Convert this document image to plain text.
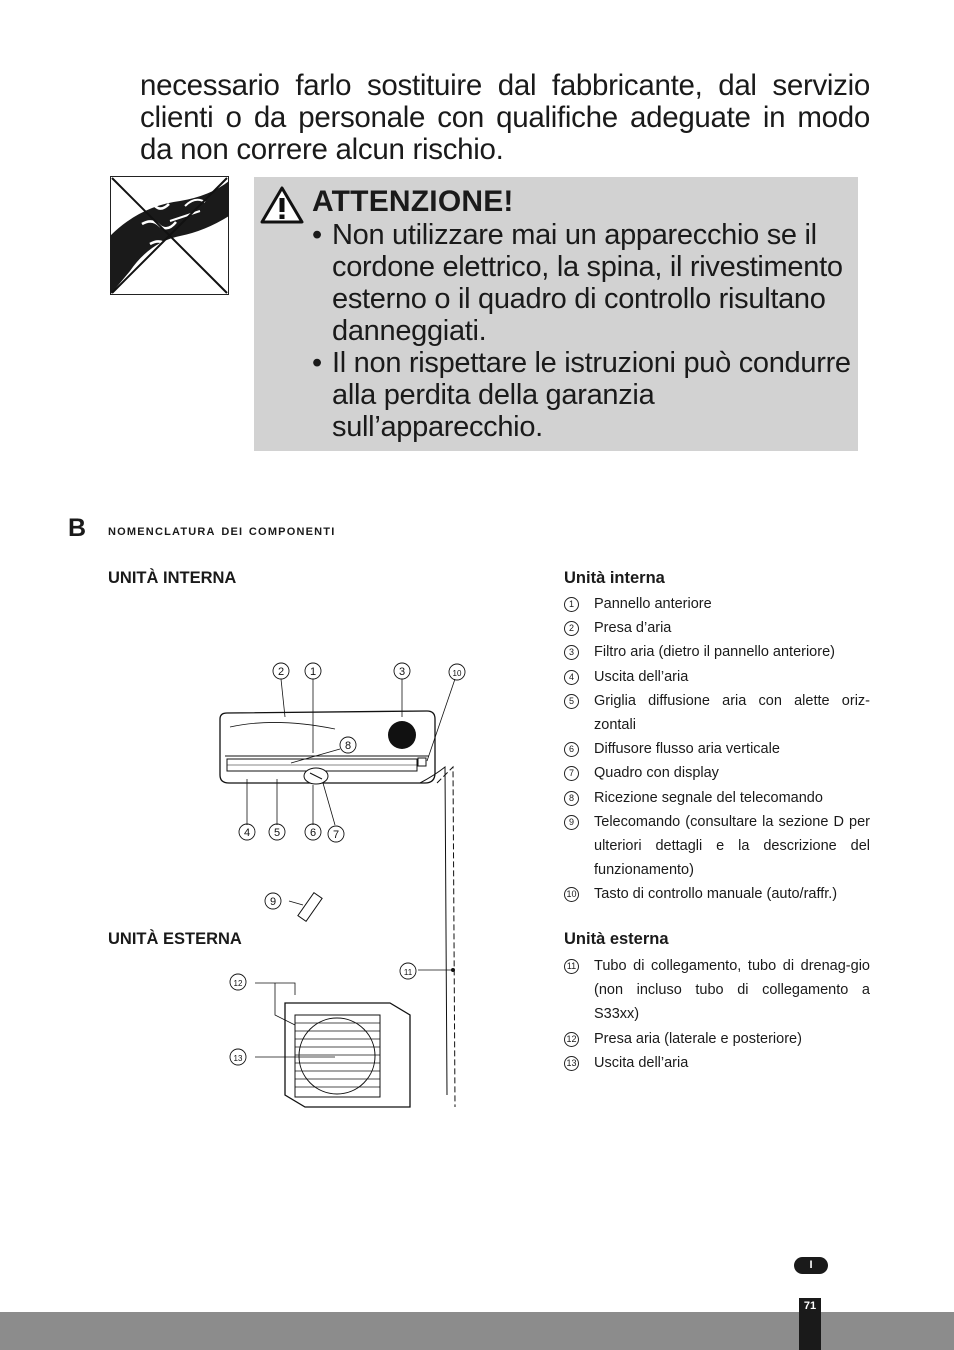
necessario farlo sostituire dal fabbricante, dal servizio clienti o da personale con qualifiche adeguate in modo da non correre alcun rischio.
ATTENZIONE!
• Non utilizzare mai un apparecchio se il cordone elettrico, la spina, il rivestimento esterno o il quadro di controllo risultano danneggiati.
• Il non rispettare le istruzioni può condurre alla perdita della garanzia sull’apparecchio.
B nomenclatura dei componenti
UNITÀ INTERNA
UNITÀ ESTERNA
Unità interna
1	Pannello anteriore
2	Presa d’aria
3	Filtro aria (dietro il pannello anteriore)
4	Uscita dell’aria
5	Griglia diffusione aria con alette oriz-zontali
6	Diffusore flusso aria verticale
7	Quadro con display
8	Ricezione segnale del telecomando
9	Telecomando (consultare la sezione D per ulteriori dettagli e la descrizione del funzionamento)
10 Tasto di controllo manuale (auto/raffr.)
Unità esterna
11 Tubo di collegamento, tubo di drenag-gio (non incluso tubo di collegamento a S33xx)
12 Presa aria (laterale e posteriore)
13 Uscita dell’aria
2 1	3	10
8
4 5	6 7
9
11
12
13
I
71
